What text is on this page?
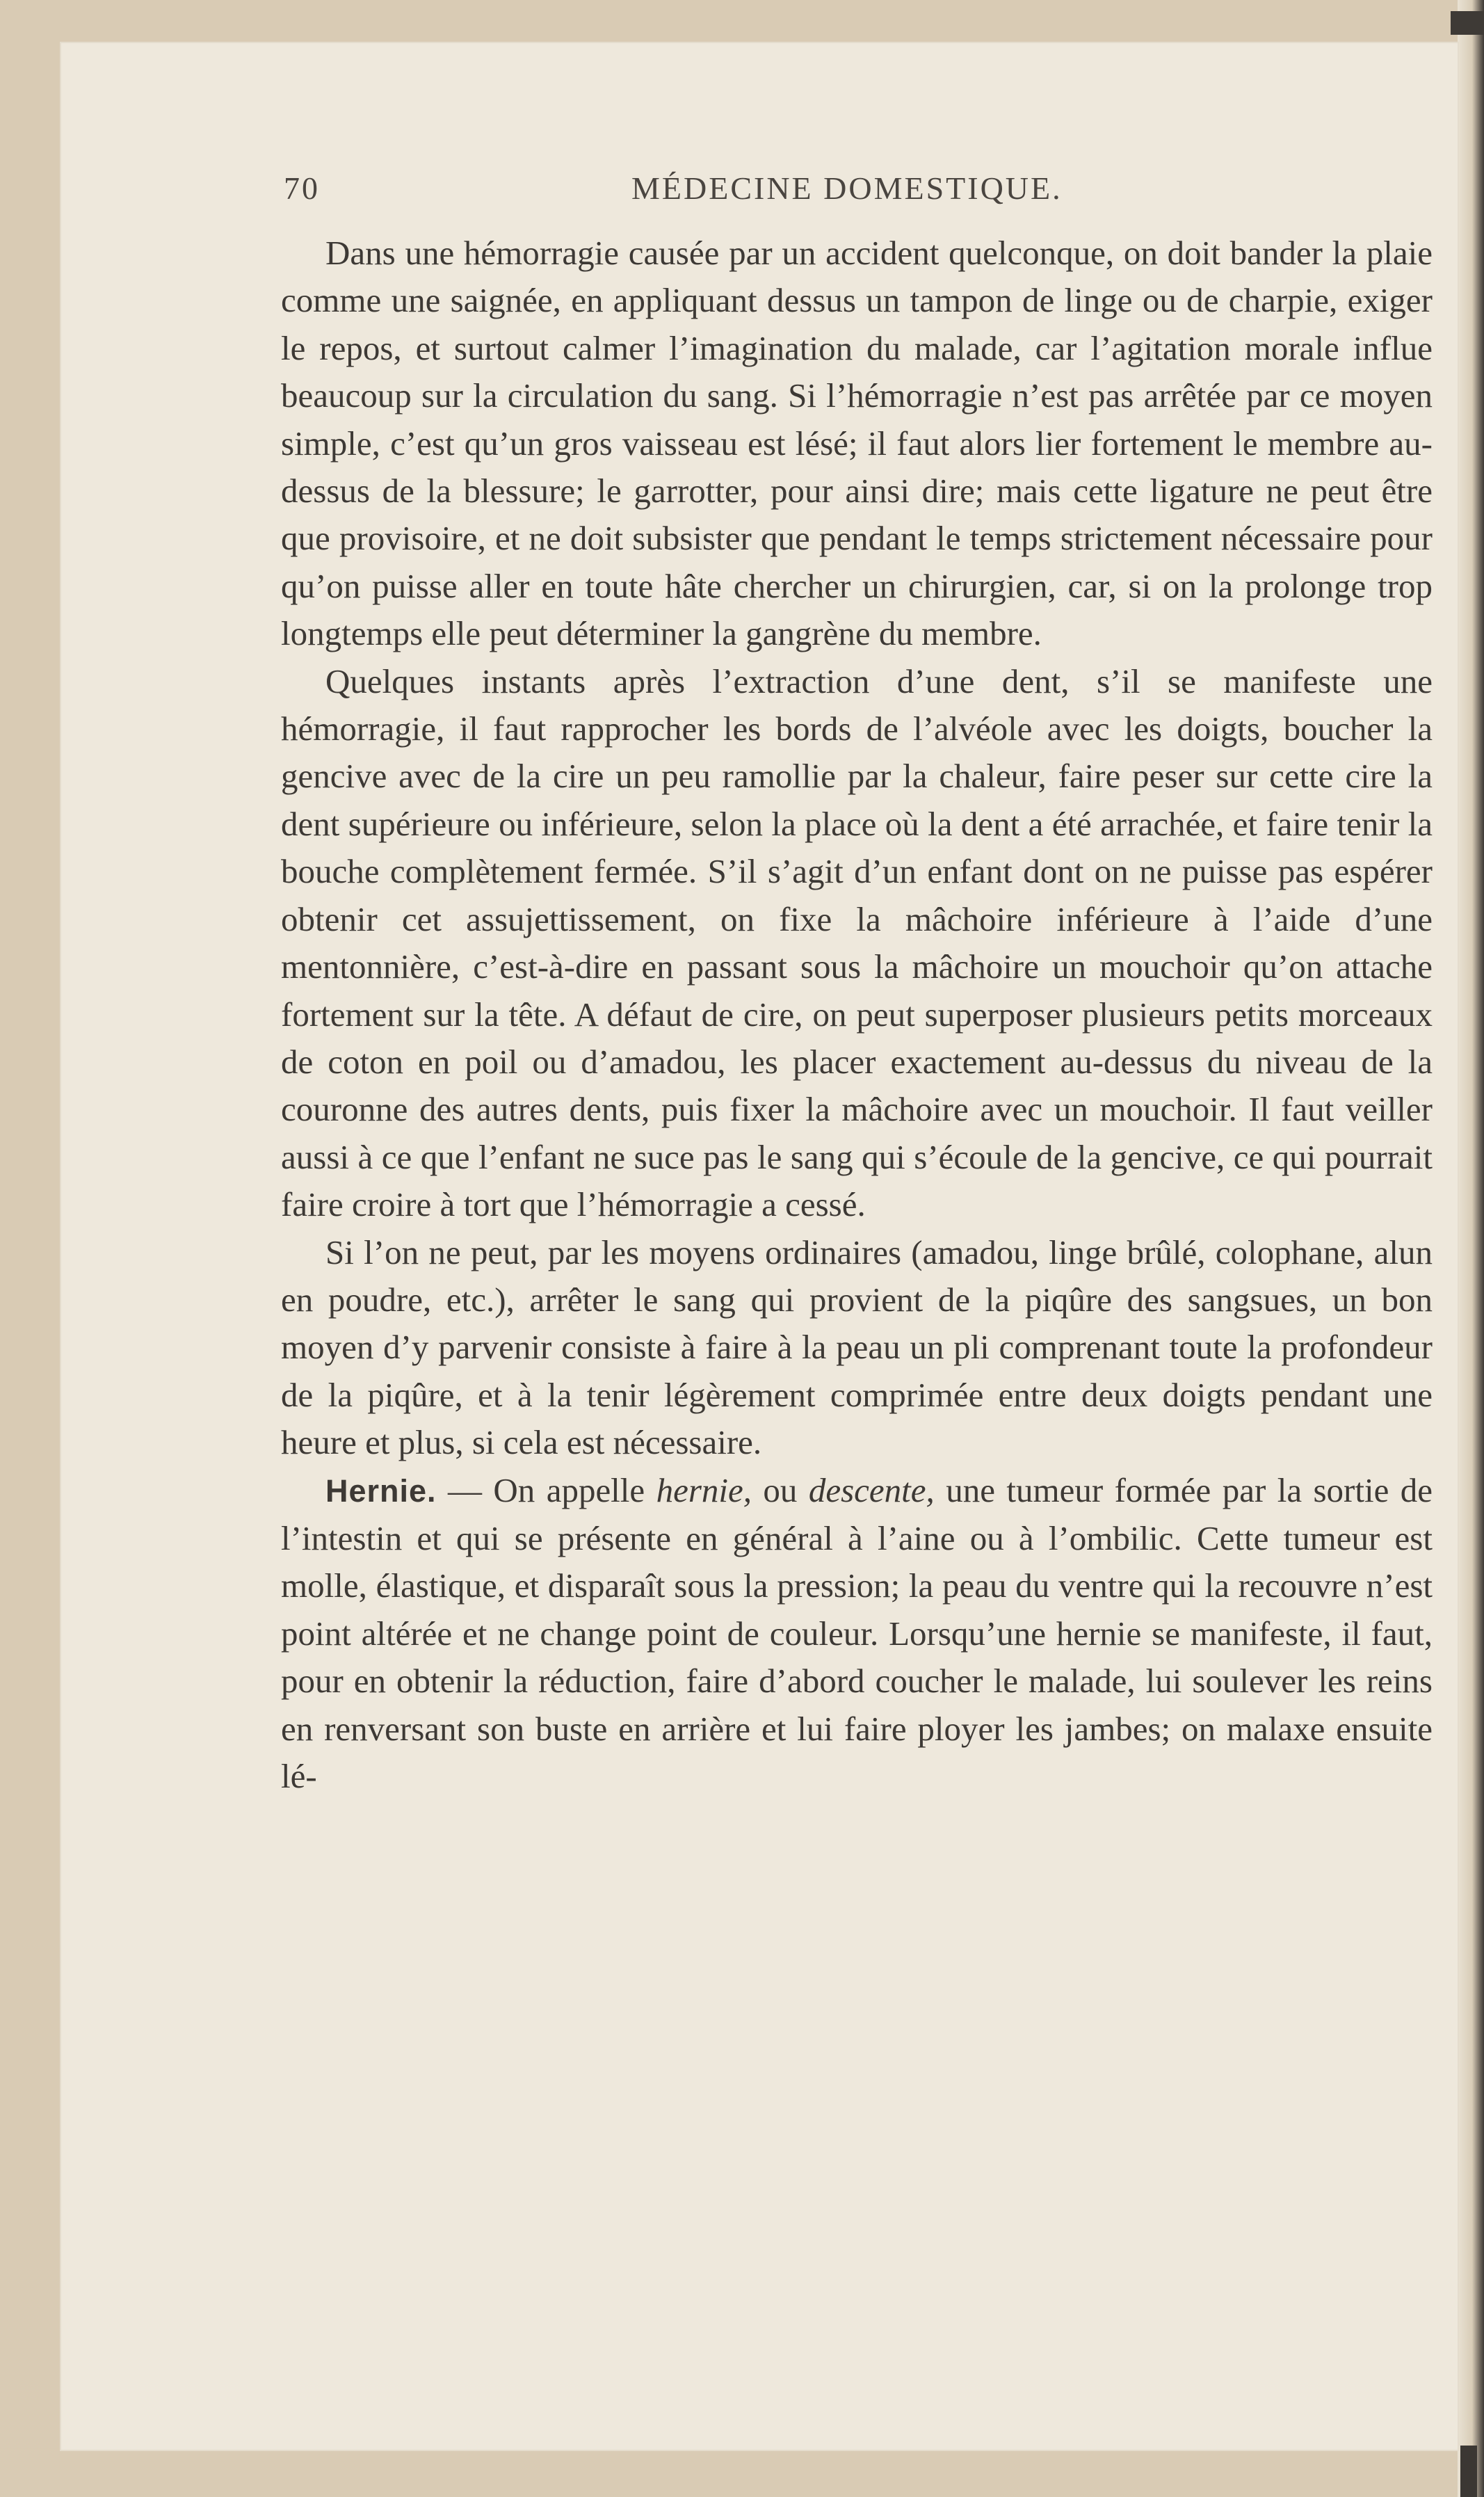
70	MÉDECINE DOMESTIQUE.

Dans une hémorragie causée par un accident quelconque, on doit bander la plaie comme une saignée, en appliquant dessus un tampon de linge ou de charpie, exiger le repos, et surtout calmer l’imagination du malade, car l’agitation morale influe beaucoup sur la circulation du sang. Si l’hémorragie n’est pas arrêtée par ce moyen simple, c’est qu’un gros vaisseau est lésé; il faut alors lier fortement le membre au-dessus de la blessure; le garrotter, pour ainsi dire; mais cette ligature ne peut être que provisoire, et ne doit subsister que pendant le temps strictement nécessaire pour qu’on puisse aller en toute hâte chercher un chirurgien, car, si on la prolonge trop longtemps elle peut déterminer la gangrène du membre.

Quelques instants après l’extraction d’une dent, s’il se manifeste une hémorragie, il faut rapprocher les bords de l’alvéole avec les doigts, boucher la gencive avec de la cire un peu ramollie par la chaleur, faire peser sur cette cire la dent supérieure ou inférieure, selon la place où la dent a été arrachée, et faire tenir la bouche complètement fermée. S’il s’agit d’un enfant dont on ne puisse pas espérer obtenir cet assujettissement, on fixe la mâchoire inférieure à l’aide d’une mentonnière, c’est-à-dire en passant sous la mâchoire un mouchoir qu’on attache fortement sur la tête. A défaut de cire, on peut superposer plusieurs petits morceaux de coton en poil ou d’amadou, les placer exactement au-dessus du niveau de la couronne des autres dents, puis fixer la mâchoire avec un mouchoir. Il faut veiller aussi à ce que l’enfant ne suce pas le sang qui s’écoule de la gencive, ce qui pourrait faire croire à tort que l’hémorragie a cessé.

Si l’on ne peut, par les moyens ordinaires (amadou, linge brûlé, colophane, alun en poudre, etc.), arrêter le sang qui provient de la piqûre des sangsues, un bon moyen d’y parvenir consiste à faire à la peau un pli comprenant toute la profondeur de la piqûre, et à la tenir légèrement comprimée entre deux doigts pendant une heure et plus, si cela est nécessaire.

Hernie. — On appelle hernie, ou descente, une tumeur formée par la sortie de l’intestin et qui se présente en général à l’aine ou à l’ombilic. Cette tumeur est molle, élastique, et disparaît sous la pression; la peau du ventre qui la recouvre n’est point altérée et ne change point de couleur. Lorsqu’une hernie se manifeste, il faut, pour en obtenir la réduction, faire d’abord coucher le malade, lui soulever les reins en renversant son buste en arrière et lui faire ployer les jambes; on malaxe ensuite lé-
